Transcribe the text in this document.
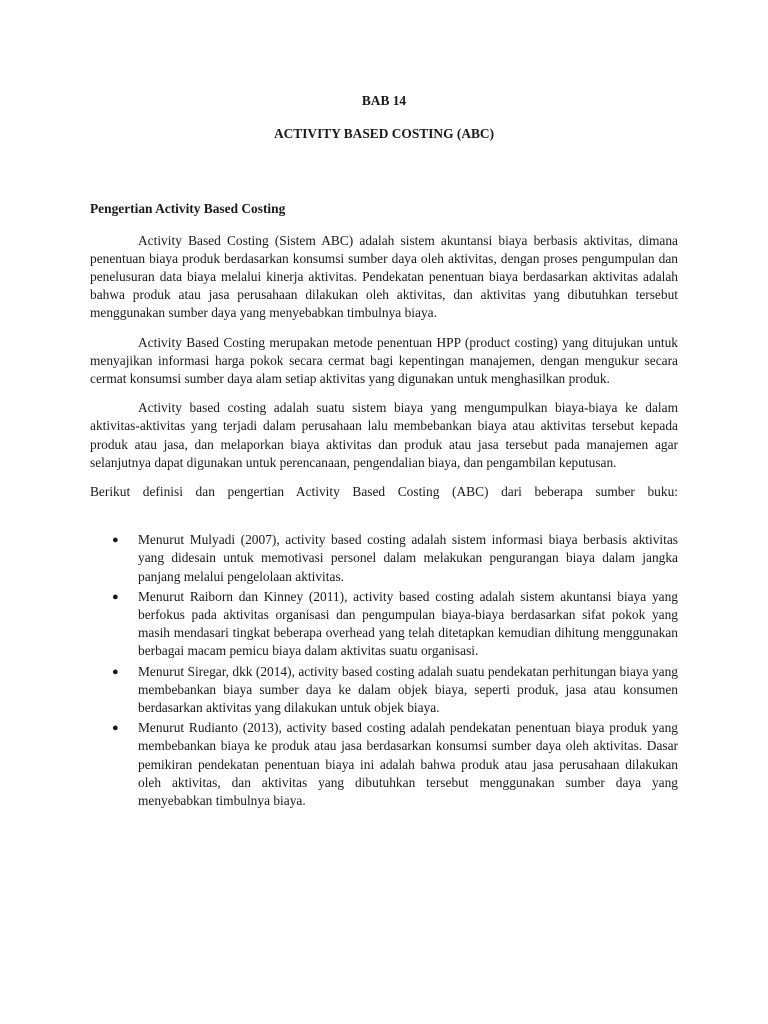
BAB 14
ACTIVITY BASED COSTING (ABC)
Pengertian Activity Based Costing

Activity Based Costing (Sistem ABC) adalah sistem akuntansi biaya berbasis aktivitas, dimana penentuan biaya produk berdasarkan konsumsi sumber daya oleh aktivitas, dengan proses pengumpulan dan penelusuran data biaya melalui kinerja aktivitas. Pendekatan penentuan biaya berdasarkan aktivitas adalah bahwa produk atau jasa perusahaan dilakukan oleh aktivitas, dan aktivitas yang dibutuhkan tersebut menggunakan sumber daya yang menyebabkan timbulnya biaya.

Activity Based Costing merupakan metode penentuan HPP (product costing) yang ditujukan untuk menyajikan informasi harga pokok secara cermat bagi kepentingan manajemen, dengan mengukur secara cermat konsumsi sumber daya alam setiap aktivitas yang digunakan untuk menghasilkan produk.

Activity based costing adalah suatu sistem biaya yang mengumpulkan biaya-biaya ke dalam aktivitas-aktivitas yang terjadi dalam perusahaan lalu membebankan biaya atau aktivitas tersebut kepada produk atau jasa, dan melaporkan biaya aktivitas dan produk atau jasa tersebut pada manajemen agar selanjutnya dapat digunakan untuk perencanaan, pengendalian biaya, dan pengambilan keputusan.

Berikut definisi dan pengertian Activity Based Costing (ABC) dari beberapa sumber buku:

● Menurut Mulyadi (2007), activity based costing adalah sistem informasi biaya berbasis aktivitas yang didesain untuk memotivasi personel dalam melakukan pengurangan biaya dalam jangka panjang melalui pengelolaan aktivitas.
● Menurut Raiborn dan Kinney (2011), activity based costing adalah sistem akuntansi biaya yang berfokus pada aktivitas organisasi dan pengumpulan biaya-biaya berdasarkan sifat pokok yang masih mendasari tingkat beberapa overhead yang telah ditetapkan kemudian dihitung menggunakan berbagai macam pemicu biaya dalam aktivitas suatu organisasi.
● Menurut Siregar, dkk (2014), activity based costing adalah suatu pendekatan perhitungan biaya yang membebankan biaya sumber daya ke dalam objek biaya, seperti produk, jasa atau konsumen berdasarkan aktivitas yang dilakukan untuk objek biaya.
● Menurut Rudianto (2013), activity based costing adalah pendekatan penentuan biaya produk yang membebankan biaya ke produk atau jasa berdasarkan konsumsi sumber daya oleh aktivitas. Dasar pemikiran pendekatan penentuan biaya ini adalah bahwa produk atau jasa perusahaan dilakukan oleh aktivitas, dan aktivitas yang dibutuhkan tersebut menggunakan sumber daya yang menyebabkan timbulnya biaya.
